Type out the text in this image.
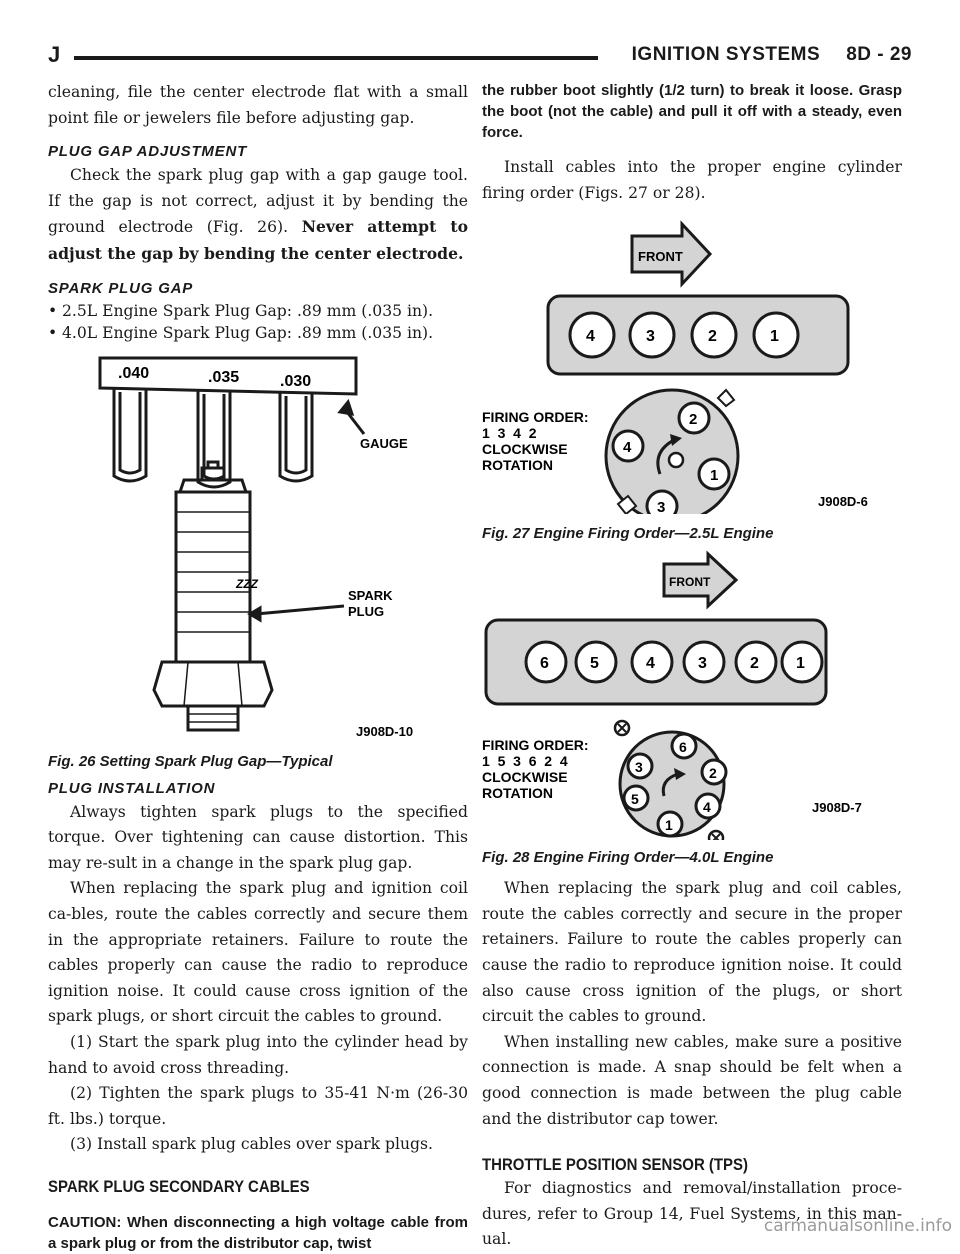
J	IGNITION SYSTEMS 8D - 29

cleaning, file the center electrode flat with a small point file or jewelers file before adjusting gap.

PLUG GAP ADJUSTMENT

Check the spark plug gap with a gap gauge tool. If the gap is not correct, adjust it by bending the ground electrode (Fig. 26). Never attempt to adjust the gap by bending the center electrode.

SPARK PLUG GAP

• 2.5L Engine Spark Plug Gap: .89 mm (.035 in).

• 4.0L Engine Spark Plug Gap: .89 mm (.035 in).

.040	.035	.030
GAUGE
ZZZ
SPARK
PLUG
J908D-10

Fig. 26 Setting Spark Plug Gap—Typical

PLUG INSTALLATION

Always tighten spark plugs to the specified torque. Over tightening can cause distortion. This may re-sult in a change in the spark plug gap.

When replacing the spark plug and ignition coil ca-bles, route the cables correctly and secure them in the appropriate retainers. Failure to route the cables properly can cause the radio to reproduce ignition noise. It could cause cross ignition of the spark plugs, or short circuit the cables to ground.

(1) Start the spark plug into the cylinder head by hand to avoid cross threading.

(2) Tighten the spark plugs to 35-41 N·m (26-30 ft. lbs.) torque.

(3) Install spark plug cables over spark plugs.

SPARK PLUG SECONDARY CABLES

CAUTION: When disconnecting a high voltage cable from a spark plug or from the distributor cap, twist

the rubber boot slightly (1/2 turn) to break it loose. Grasp the boot (not the cable) and pull it off with a steady, even force.

Install cables into the proper engine cylinder firing order (Figs. 27 or 28).

FRONT
4	3	2	1
2
4
1
3
FIRING ORDER:
1  3  4  2
CLOCKWISE
ROTATION
J908D-6

Fig. 27 Engine Firing Order—2.5L Engine

FRONT
6	5	4	3	2 1
6
3	2
5	4
1
FIRING ORDER:
1  5  3  6  2  4
CLOCKWISE
ROTATION
J908D-7

Fig. 28 Engine Firing Order—4.0L Engine

When replacing the spark plug and coil cables, route the cables correctly and secure in the proper retainers. Failure to route the cables properly can cause the radio to reproduce ignition noise. It could also cause cross ignition of the plugs, or short circuit the cables to ground.

When installing new cables, make sure a positive connection is made. A snap should be felt when a good connection is made between the plug cable and the distributor cap tower.

THROTTLE POSITION SENSOR (TPS)

For diagnostics and removal/installation proce-dures, refer to Group 14, Fuel Systems, in this man-ual.

carmanualsonline.info
